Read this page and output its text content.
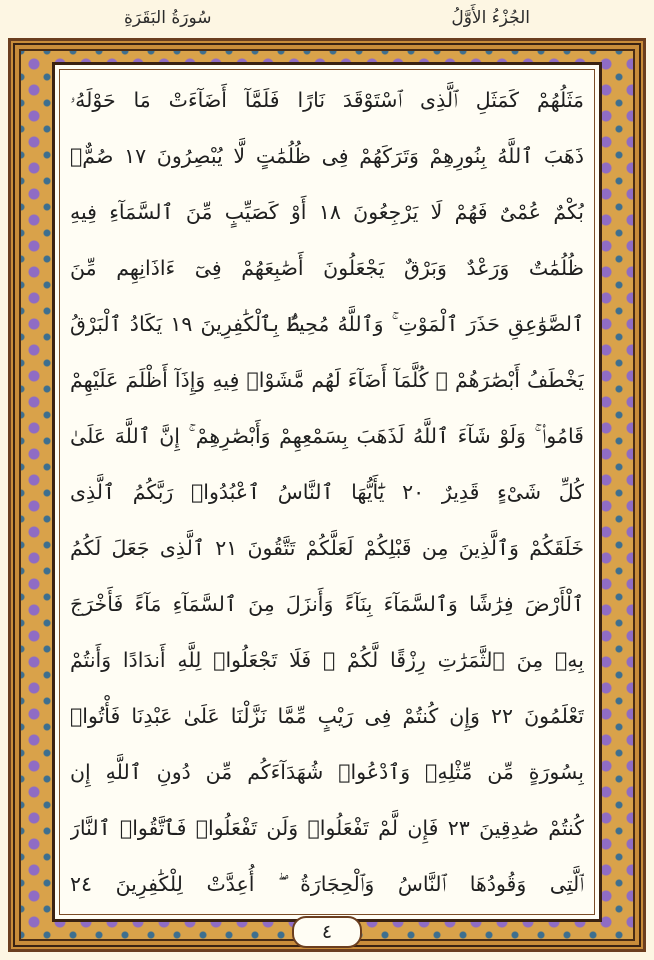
سُورَةُ البَقَرَةِ	الجُزْءُ الأَوَّلُ
مَثَلُهُمْ كَمَثَلِ ٱلَّذِى ٱسْتَوْقَدَ نَارًا فَلَمَّآ أَضَآءَتْ مَا حَوْلَهُۥ
ذَهَبَ ٱللَّهُ بِنُورِهِمْ وَتَرَكَهُمْ فِى ظُلُمَٰتٍ لَّا يُبْصِرُونَ ١٧ صُمٌّۢ
بُكْمٌ عُمْىٌ فَهُمْ لَا يَرْجِعُونَ ١٨ أَوْ كَصَيِّبٍ مِّنَ ٱلسَّمَآءِ فِيهِ
ظُلُمَٰتٌ وَرَعْدٌ وَبَرْقٌ يَجْعَلُونَ أَصَٰبِعَهُمْ فِىٓ ءَاذَانِهِم مِّنَ
ٱلصَّوَٰعِقِ حَذَرَ ٱلْمَوْتِ ۚ وَٱللَّهُ مُحِيطٌۢ بِٱلْكَٰفِرِينَ ١٩ يَكَادُ ٱلْبَرْقُ
يَخْطَفُ أَبْصَٰرَهُمْ ۖ كُلَّمَآ أَضَآءَ لَهُم مَّشَوْا۟ فِيهِ وَإِذَآ أَظْلَمَ عَلَيْهِمْ
قَامُوا۟ ۚ وَلَوْ شَآءَ ٱللَّهُ لَذَهَبَ بِسَمْعِهِمْ وَأَبْصَٰرِهِمْ ۚ إِنَّ ٱللَّهَ عَلَىٰ
كُلِّ شَىْءٍ قَدِيرٌ ٢٠ يَٰٓأَيُّهَا ٱلنَّاسُ ٱعْبُدُوا۟ رَبَّكُمُ ٱلَّذِى
خَلَقَكُمْ وَٱلَّذِينَ مِن قَبْلِكُمْ لَعَلَّكُمْ تَتَّقُونَ ٢١ ٱلَّذِى جَعَلَ لَكُمُ
ٱلْأَرْضَ فِرَٰشًا وَٱلسَّمَآءَ بِنَآءً وَأَنزَلَ مِنَ ٱلسَّمَآءِ مَآءً فَأَخْرَجَ
بِهِۦ مِنَ ٱلثَّمَرَٰتِ رِزْقًا لَّكُمْ ۖ فَلَا تَجْعَلُوا۟ لِلَّهِ أَندَادًا وَأَنتُمْ
تَعْلَمُونَ ٢٢ وَإِن كُنتُمْ فِى رَيْبٍ مِّمَّا نَزَّلْنَا عَلَىٰ عَبْدِنَا فَأْتُوا۟
بِسُورَةٍ مِّن مِّثْلِهِۦ وَٱدْعُوا۟ شُهَدَآءَكُم مِّن دُونِ ٱللَّهِ إِن
كُنتُمْ صَٰدِقِينَ ٢٣ فَإِن لَّمْ تَفْعَلُوا۟ وَلَن تَفْعَلُوا۟ فَٱتَّقُوا۟ ٱلنَّارَ
ٱلَّتِى وَقُودُهَا ٱلنَّاسُ وَٱلْحِجَارَةُ ۖ أُعِدَّتْ لِلْكَٰفِرِينَ ٢٤
٤
